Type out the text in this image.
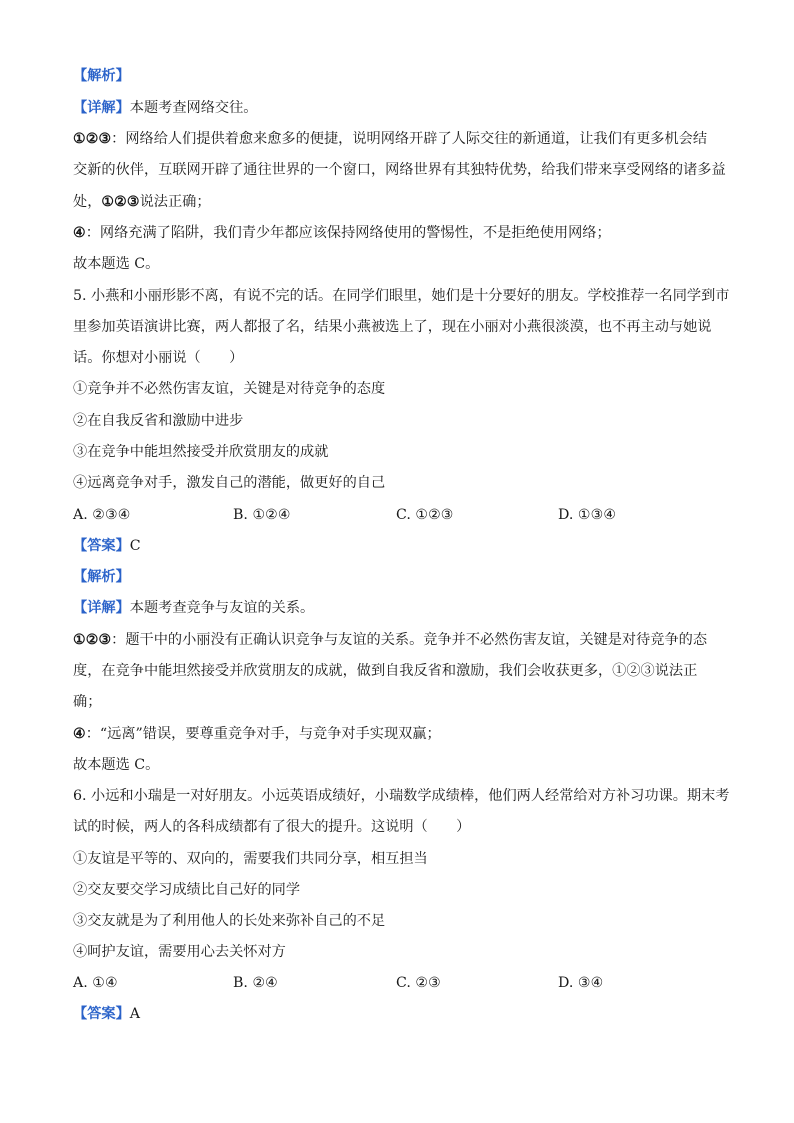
【解析】
【详解】本题考查网络交往。
①②③：网络给人们提供着愈来愈多的便捷，说明网络开辟了人际交往的新通道，让我们有更多机会结
交新的伙伴，互联网开辟了通往世界的一个窗口，网络世界有其独特优势，给我们带来享受网络的诸多益
处，①②③说法正确；
④：网络充满了陷阱，我们青少年都应该保持网络使用的警惕性，不是拒绝使用网络；
故本题选 C。
5. 小燕和小丽形影不离，有说不完的话。在同学们眼里，她们是十分要好的朋友。学校推荐一名同学到市
里参加英语演讲比赛，两人都报了名，结果小燕被选上了，现在小丽对小燕很淡漠，也不再主动与她说
话。你想对小丽说（　　）
①竞争并不必然伤害友谊，关键是对待竞争的态度
②在自我反省和激励中进步
③在竞争中能坦然接受并欣赏朋友的成就
④远离竞争对手，激发自己的潜能，做更好的自己
A. ②③④	B. ①②④	C. ①②③	D. ①③④
【答案】C
【解析】
【详解】本题考查竞争与友谊的关系。
①②③：题干中的小丽没有正确认识竞争与友谊的关系。竞争并不必然伤害友谊，关键是对待竞争的态
度，在竞争中能坦然接受并欣赏朋友的成就，做到自我反省和激励，我们会收获更多，①②③说法正
确；
④：“远离”错误，要尊重竞争对手，与竞争对手实现双赢；
故本题选 C。
6. 小远和小瑞是一对好朋友。小远英语成绩好，小瑞数学成绩棒，他们两人经常给对方补习功课。期末考
试的时候，两人的各科成绩都有了很大的提升。这说明（　　）
①友谊是平等的、双向的，需要我们共同分享，相互担当
②交友要交学习成绩比自己好的同学
③交友就是为了利用他人的长处来弥补自己的不足
④呵护友谊，需要用心去关怀对方
A. ①④	B. ②④	C. ②③	D. ③④
【答案】A
